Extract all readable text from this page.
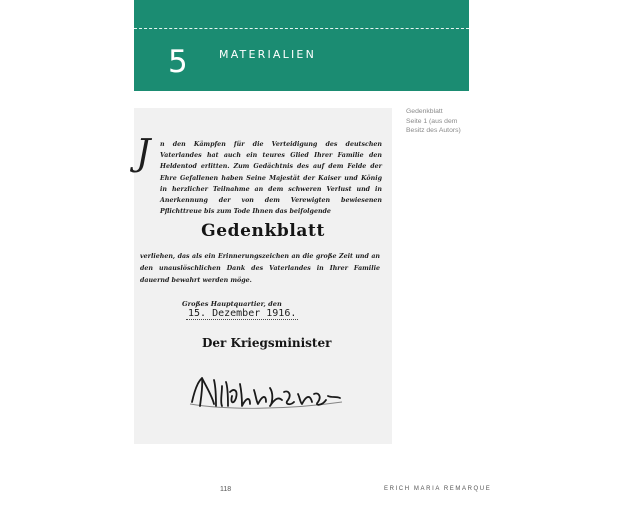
5	MATERIALIEN
J n den Kämpfen für die Verteidigung des deutschen Vaterlandes hat auch ein teures Glied Ihrer Familie den Heldentod erlitten. Zum Gedächtnis des auf dem Felde der Ehre Gefallenen haben Seine Majestät der Kaiser und König in herzlicher Teilnahme an dem schweren Verlust und in Anerkennung der von dem Verewigten bewiesenen Pflichttreue bis zum Tode Ihnen das beifolgende
Gedenkblatt
verliehen, das als ein Erinnerungszeichen an die große Zeit und an den unauslöschlichen Dank des Vaterlandes in Ihrer Familie dauernd bewahrt werden möge.
Großes Hauptquartier, den15. Dezember 1916.
Der Kriegsminister
Gedenkblatt
Seite 1 (aus dem
Besitz des Autors)
118	ERICH MARIA REMARQUE
